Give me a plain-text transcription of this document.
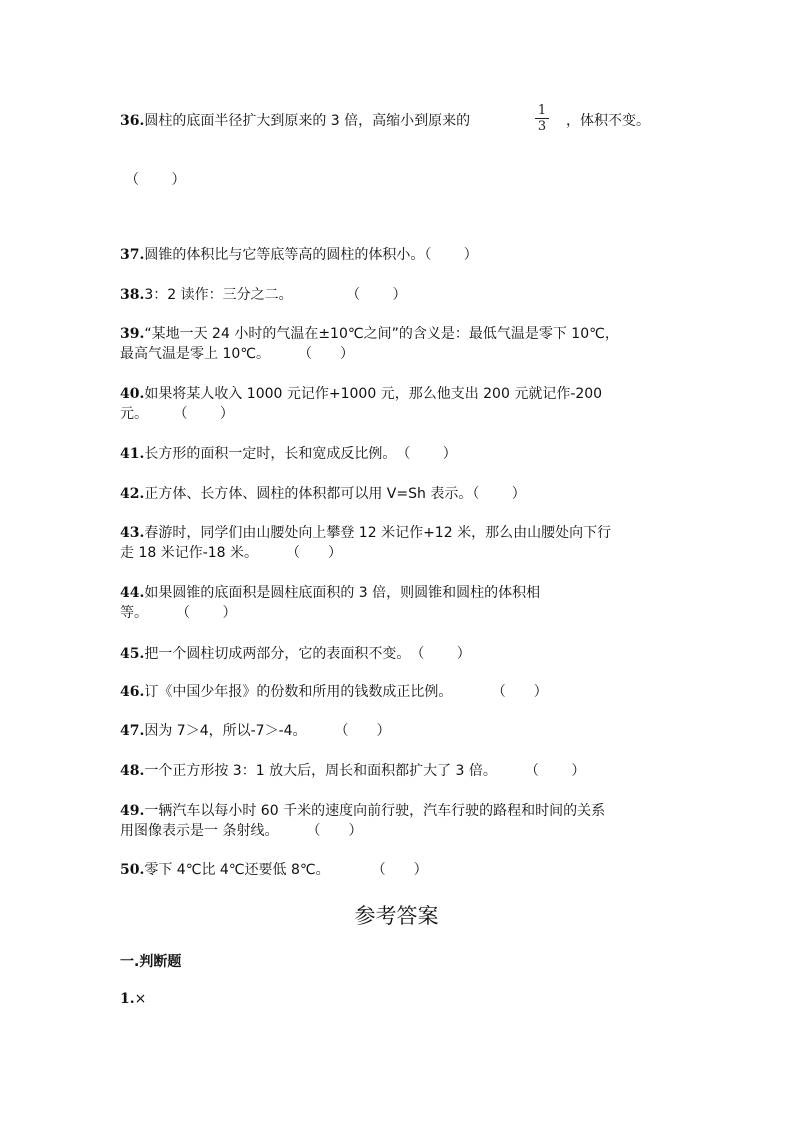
36.圆柱的底面半径扩大到原来的 3 倍，高缩小到原来的
1
3 ，体积不变。
（　　 ）
37.圆锥的体积比与它等底等高的圆柱的体积小。（　　 ）
38.3：2 读作：三分之二。　　　　 （　　 ）
39.“某地一天 24 小时的气温在±10℃之间”的含义是：最低气温是零下 10℃，
最高气温是零上 10℃。　　　（　　）
40.如果将某人收入 1000 元记作+1000 元，那么他支出 200 元就记作-200
元。　　 （　　 ）
41.长方形的面积一定时，长和宽成反比例。　（　　 ）
42.正方体、长方体、圆柱的体积都可以用 V=Sh 表示。（　　 ）
43.春游时，同学们由山腰处向上攀登 12 米记作+12 米，那么由山腰处向下行
走 18 米记作-18 米。　　　（　　）
44.如果圆锥的底面积是圆柱底面积的 3 倍，则圆锥和圆柱的体积相
等。　　　（　　 ）
45.把一个圆柱切成两部分，它的表面积不变。　（　　 ）
46.订《中国少年报》的份数和所用的钱数成正比例。　　　 （　　）
47.因为 7＞4，所以-7＞-4。　　　（　　）
48.一个正方形按 3：1 放大后，周长和面积都扩大了 3 倍。　　　（　　 ）
49.一辆汽车以每小时 60 千米的速度向前行驶，汽车行驶的路程和时间的关系
用图像表示是一 条射线。　　　（　　）
50.零下 4℃比 4℃还要低 8℃。　　　　（　　）
参考答案
一.判断题
1.×
